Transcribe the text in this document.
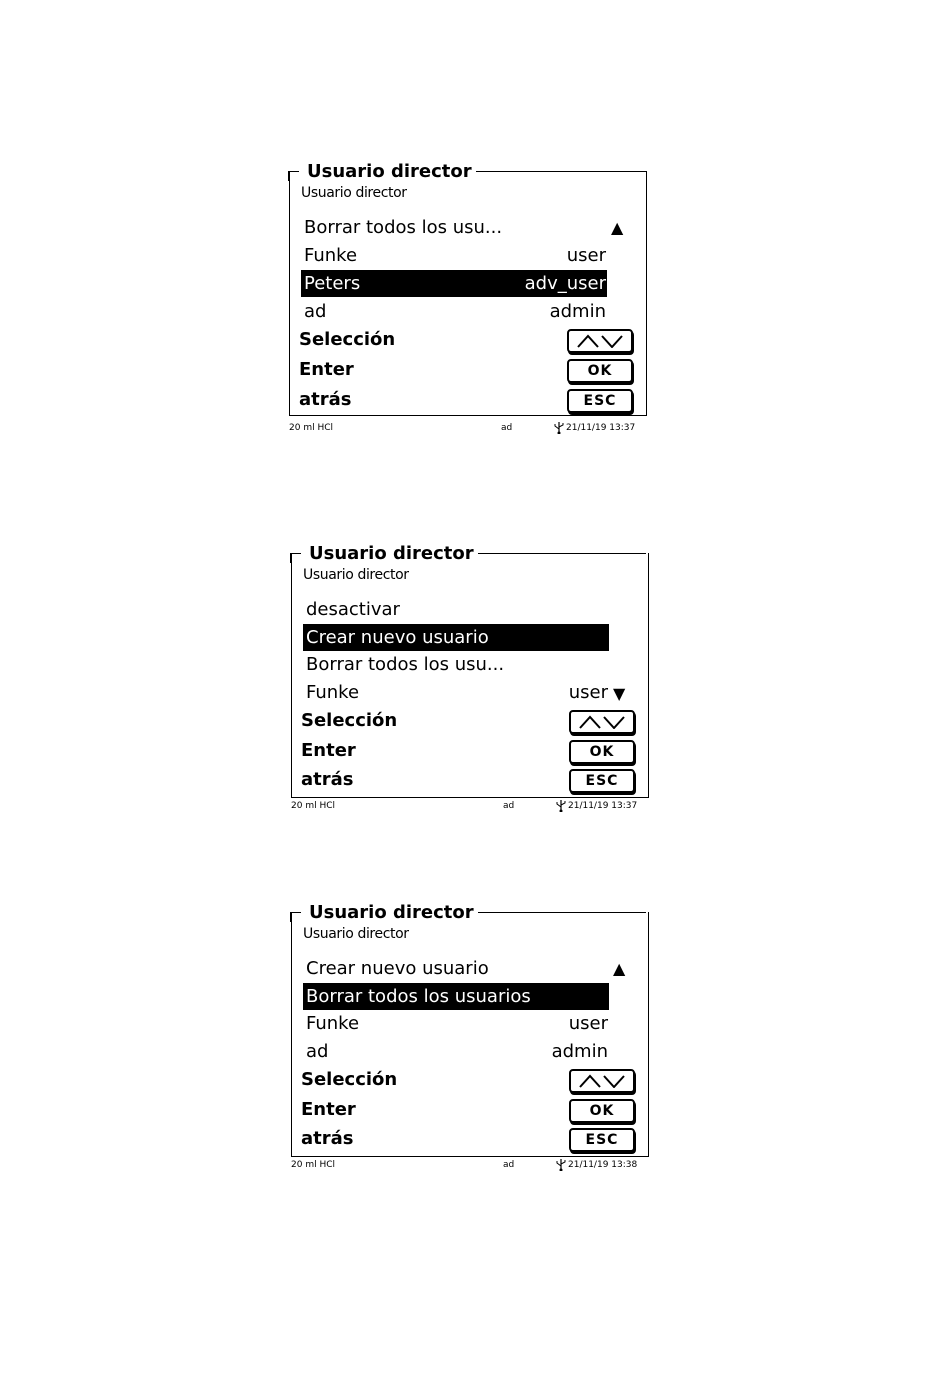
Usuario director
Usuario director
Borrar todos los usu...	▲
Funke	user
Peters	adv_user
ad	admin
Selección
Enter	OK
atrás	ESC
20 ml HCl	ad	21/11/19 13:37
Usuario director
Usuario director
desactivar
Crear nuevo usuario
Borrar todos los usu...
Funke	user ▼
Selección
Enter	OK
atrás	ESC
20 ml HCl	ad	21/11/19 13:37
Usuario director
Usuario director
Crear nuevo usuario	▲
Borrar todos los usuarios
Funke	user
ad	admin
Selección
Enter	OK
atrás	ESC
20 ml HCl	ad	21/11/19 13:38
